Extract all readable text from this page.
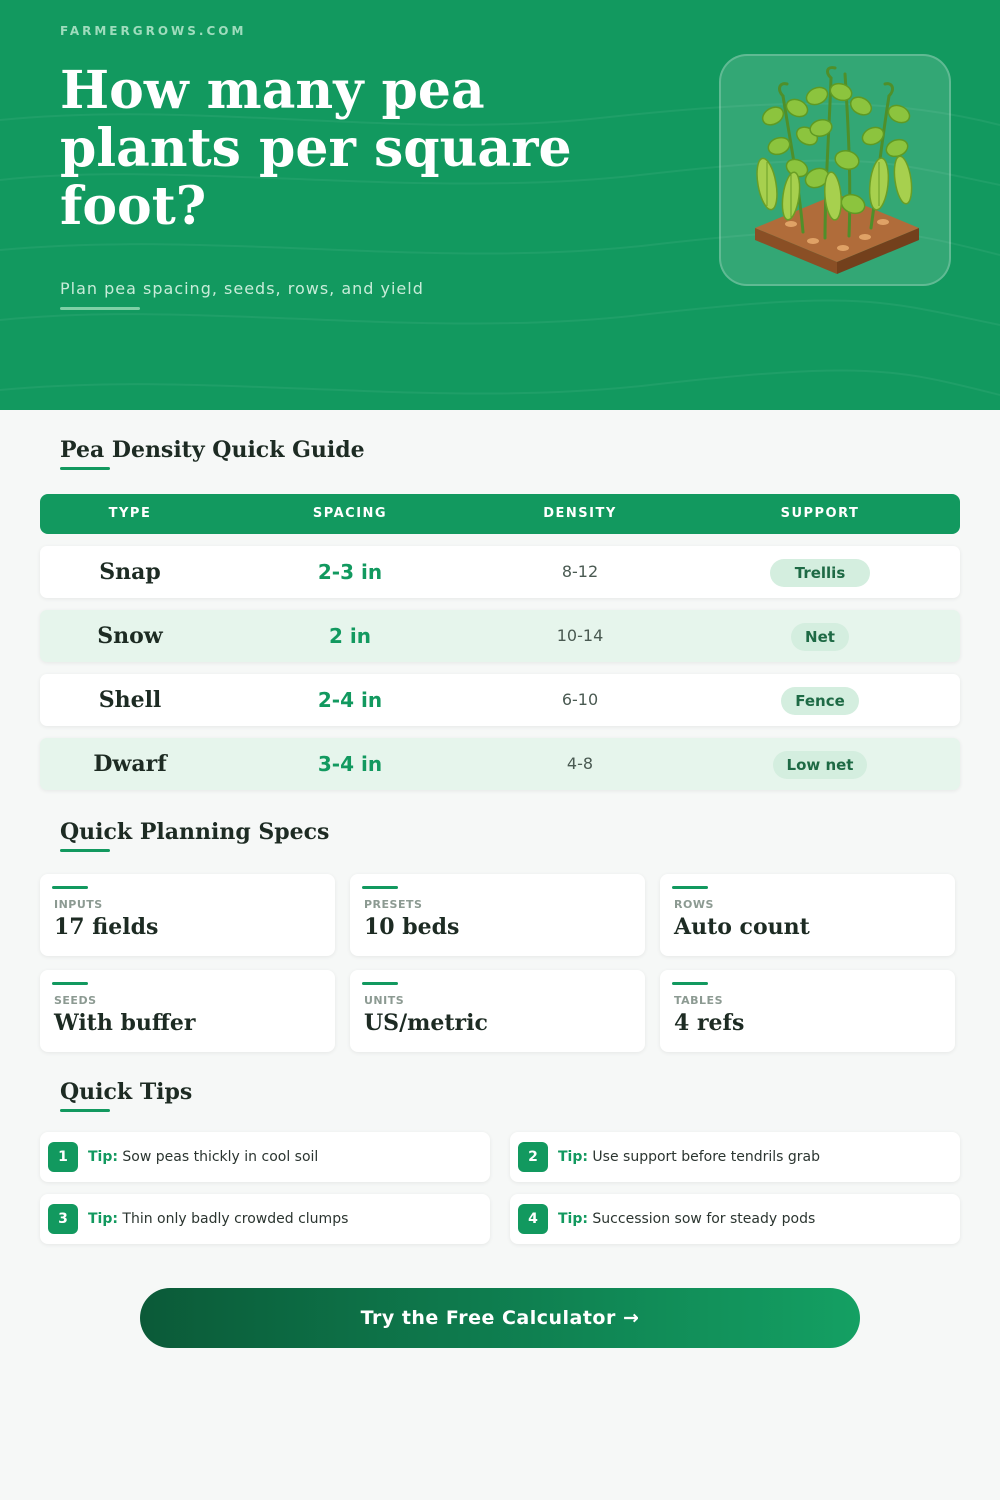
FARMERGROWS.COM
How many pea plants per square foot?
Plan pea spacing, seeds, rows, and yield
Pea Density Quick Guide
TYPE	SPACING	DENSITY	SUPPORT
Snap	2-3 in	8-12	Trellis
Snow	2 in	10-14	Net
Shell	2-4 in	6-10	Fence
Dwarf	3-4 in	4-8	Low net
Quick Planning Specs
INPUTS
17 fields
PRESETS
10 beds
ROWS
Auto count
SEEDS
With buffer
UNITS
US/metric
TABLES
4 refs
Quick Tips
1	Tip: Sow peas thickly in cool soil	2	Tip: Use support before tendrils grab
3	Tip: Thin only badly crowded clumps	4	Tip: Succession sow for steady pods
Try the Free Calculator →
